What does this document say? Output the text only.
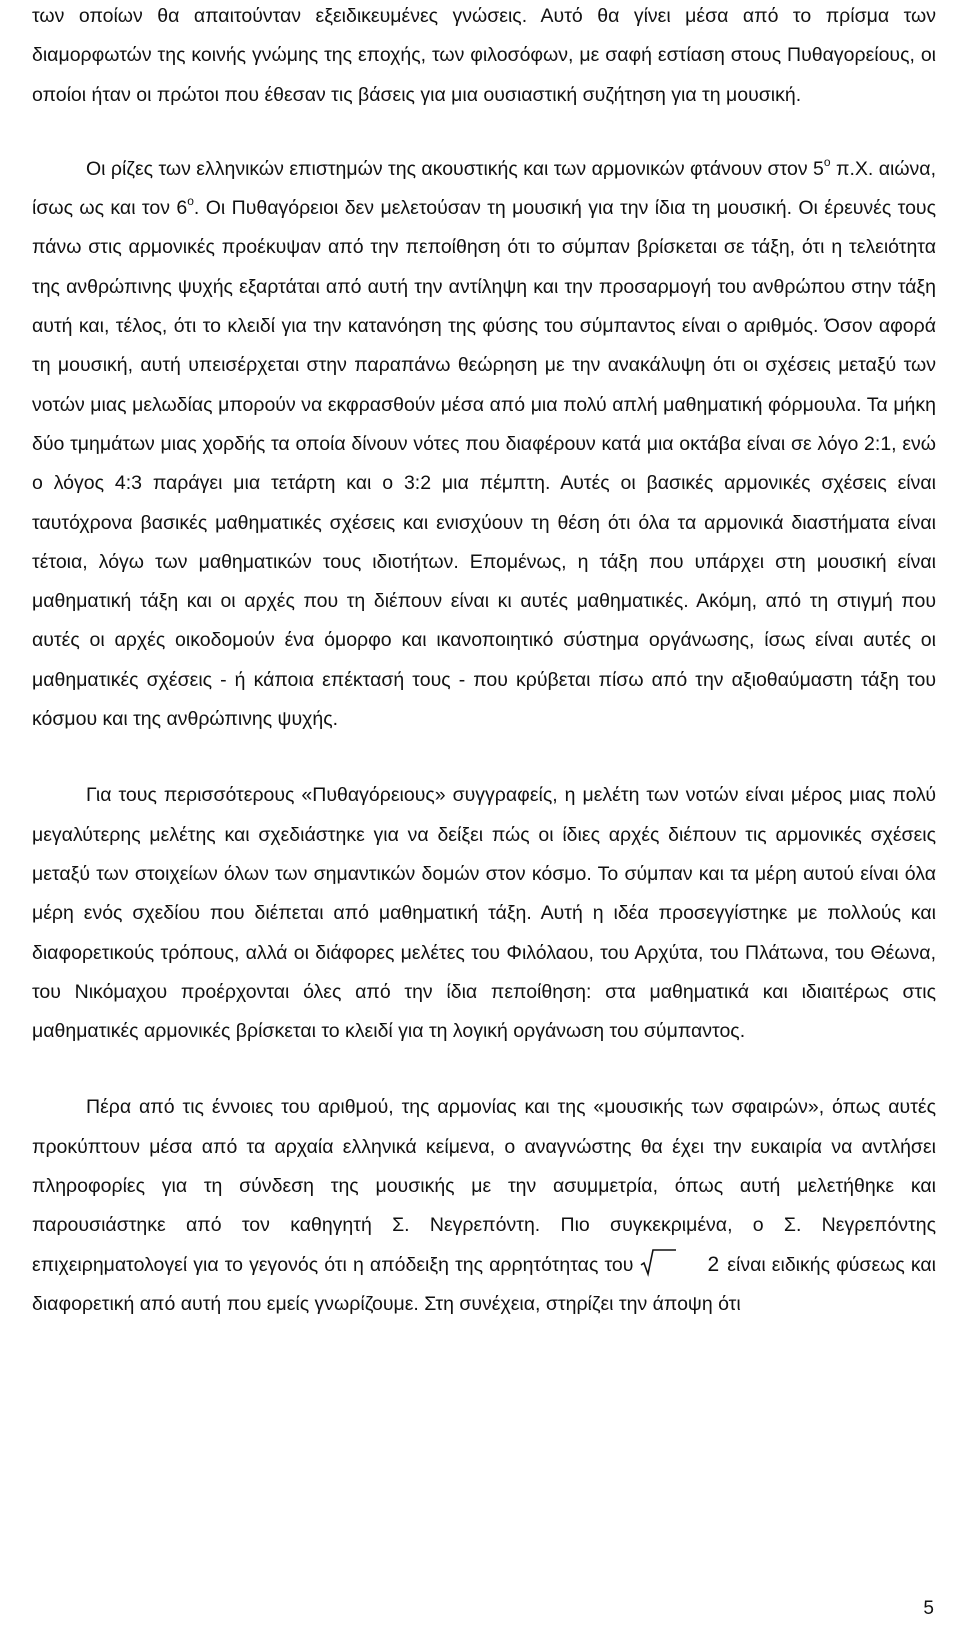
των οποίων θα απαιτούνταν εξειδικευμένες γνώσεις. Αυτό θα γίνει μέσα από το πρίσμα των διαμορφωτών της κοινής γνώμης της εποχής, των φιλοσόφων, με σαφή εστίαση στους Πυθαγορείους, οι οποίοι ήταν οι πρώτοι που έθεσαν τις βάσεις για μια ουσιαστική συζήτηση για τη μουσική.

Οι ρίζες των ελληνικών επιστημών της ακουστικής και των αρμονικών φτάνουν στον $5^o$ π.Χ. αιώνα, ίσως ως και τον $6^o$. Οι Πυθαγόρειοι δεν μελετούσαν τη μουσική για την ίδια τη μουσική. Οι έρευνές τους πάνω στις αρμονικές προέκυψαν από την πεποίθηση ότι το σύμπαν βρίσκεται σε τάξη, ότι η τελειότητα της ανθρώπινης ψυχής εξαρτάται από αυτή την αντίληψη και την προσαρμογή του ανθρώπου στην τάξη αυτή και, τέλος, ότι το κλειδί για την κατανόηση της φύσης του σύμπαντος είναι ο αριθμός. Όσον αφορά τη μουσική, αυτή υπεισέρχεται στην παραπάνω θεώρηση με την ανακάλυψη ότι οι σχέσεις μεταξύ των νοτών μιας μελωδίας μπορούν να εκφρασθούν μέσα από μια πολύ απλή μαθηματική φόρμουλα. Τα μήκη δύο τμημάτων μιας χορδής τα οποία δίνουν νότες που διαφέρουν κατά μια οκτάβα είναι σε λόγο 2:1, ενώ ο λόγος 4:3 παράγει μια τετάρτη και ο 3:2 μια πέμπτη. Αυτές οι βασικές αρμονικές σχέσεις είναι ταυτόχρονα βασικές μαθηματικές σχέσεις και ενισχύουν τη θέση ότι όλα τα αρμονικά διαστήματα είναι τέτοια, λόγω των μαθηματικών τους ιδιοτήτων. Επομένως, η τάξη που υπάρχει στη μουσική είναι μαθηματική τάξη και οι αρχές που τη διέπουν είναι κι αυτές μαθηματικές. Ακόμη, από τη στιγμή που αυτές οι αρχές οικοδομούν ένα όμορφο και ικανοποιητικό σύστημα οργάνωσης, ίσως είναι αυτές οι μαθηματικές σχέσεις - ή κάποια επέκτασή τους - που κρύβεται πίσω από την αξιοθαύμαστη τάξη του κόσμου και της ανθρώπινης ψυχής.

Για τους περισσότερους «Πυθαγόρειους» συγγραφείς, η μελέτη των νοτών είναι μέρος μιας πολύ μεγαλύτερης μελέτης και σχεδιάστηκε για να δείξει πώς οι ίδιες αρχές διέπουν τις αρμονικές σχέσεις μεταξύ των στοιχείων όλων των σημαντικών δομών στον κόσμο. Το σύμπαν και τα μέρη αυτού είναι όλα μέρη ενός σχεδίου που διέπεται από μαθηματική τάξη. Αυτή η ιδέα προσεγγίστηκε με πολλούς και διαφορετικούς τρόπους, αλλά οι διάφορες μελέτες του Φιλόλαου, του Αρχύτα, του Πλάτωνα, του Θέωνα, του Νικόμαχου προέρχονται όλες από την ίδια πεποίθηση: στα μαθηματικά και ιδιαιτέρως στις μαθηματικές αρμονικές βρίσκεται το κλειδί για τη λογική οργάνωση του σύμπαντος.

Πέρα από τις έννοιες του αριθμού, της αρμονίας και της «μουσικής των σφαιρών», όπως αυτές προκύπτουν μέσα από τα αρχαία ελληνικά κείμενα, ο αναγνώστης θα έχει την ευκαιρία να αντλήσει πληροφορίες για τη σύνδεση της μουσικής με την ασυμμετρία, όπως αυτή μελετήθηκε και παρουσιάστηκε από τον καθηγητή Σ. Νεγρεπόντη. Πιο συγκεκριμένα, ο Σ. Νεγρεπόντης επιχειρηματολογεί για το γεγονός ότι η απόδειξη της αρρητότητας του	2 είναι ειδικής φύσεως και διαφορετική από αυτή που εμείς γνωρίζουμε. Στη συνέχεια, στηρίζει την άποψη ότι

5
